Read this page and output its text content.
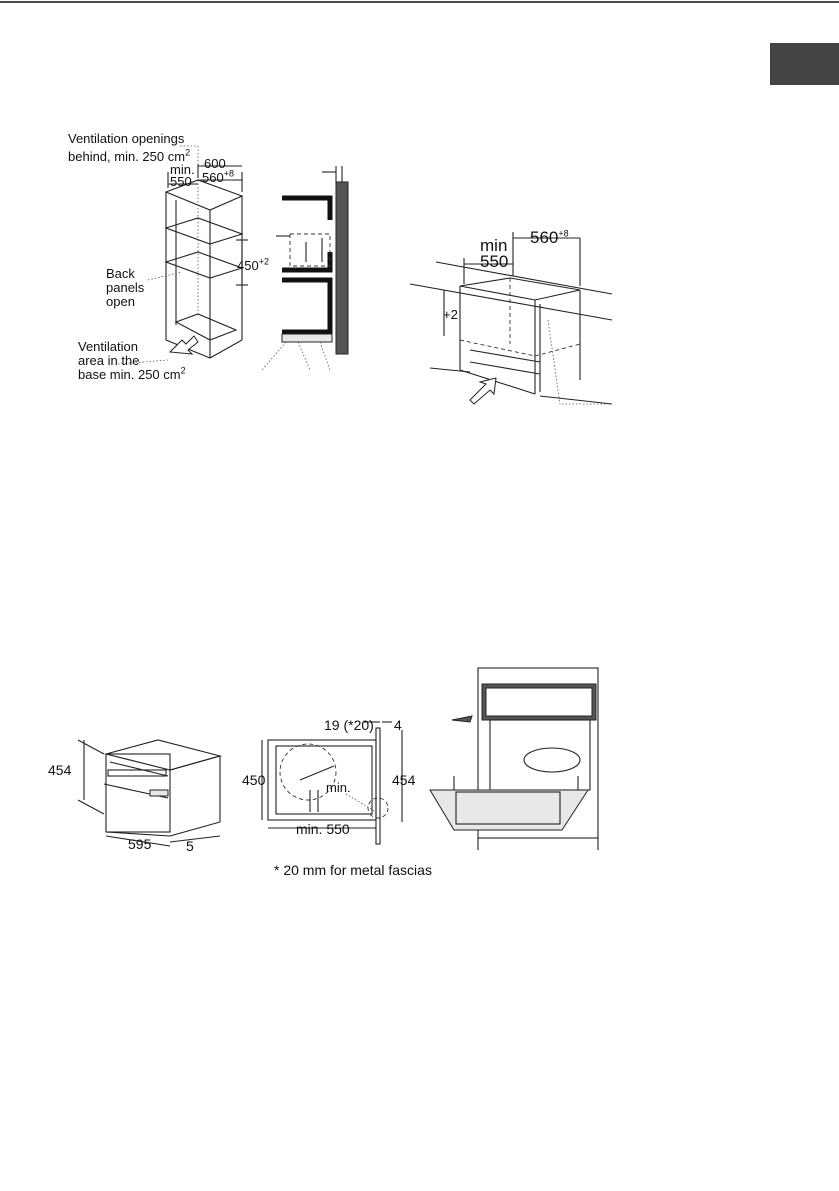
Ventilation openings
behind, min. 250 $cm^2$
600
min.
550 $560^{+8}$
$450^{+2}$
Back
panels
open
Ventilation
area in the
base min. 250 $cm^2$
min
550
$560^{+8}$
+2
454
595 5
19 (*20) 4
450	454
min.
min. 550
* 20 mm for metal fascias
